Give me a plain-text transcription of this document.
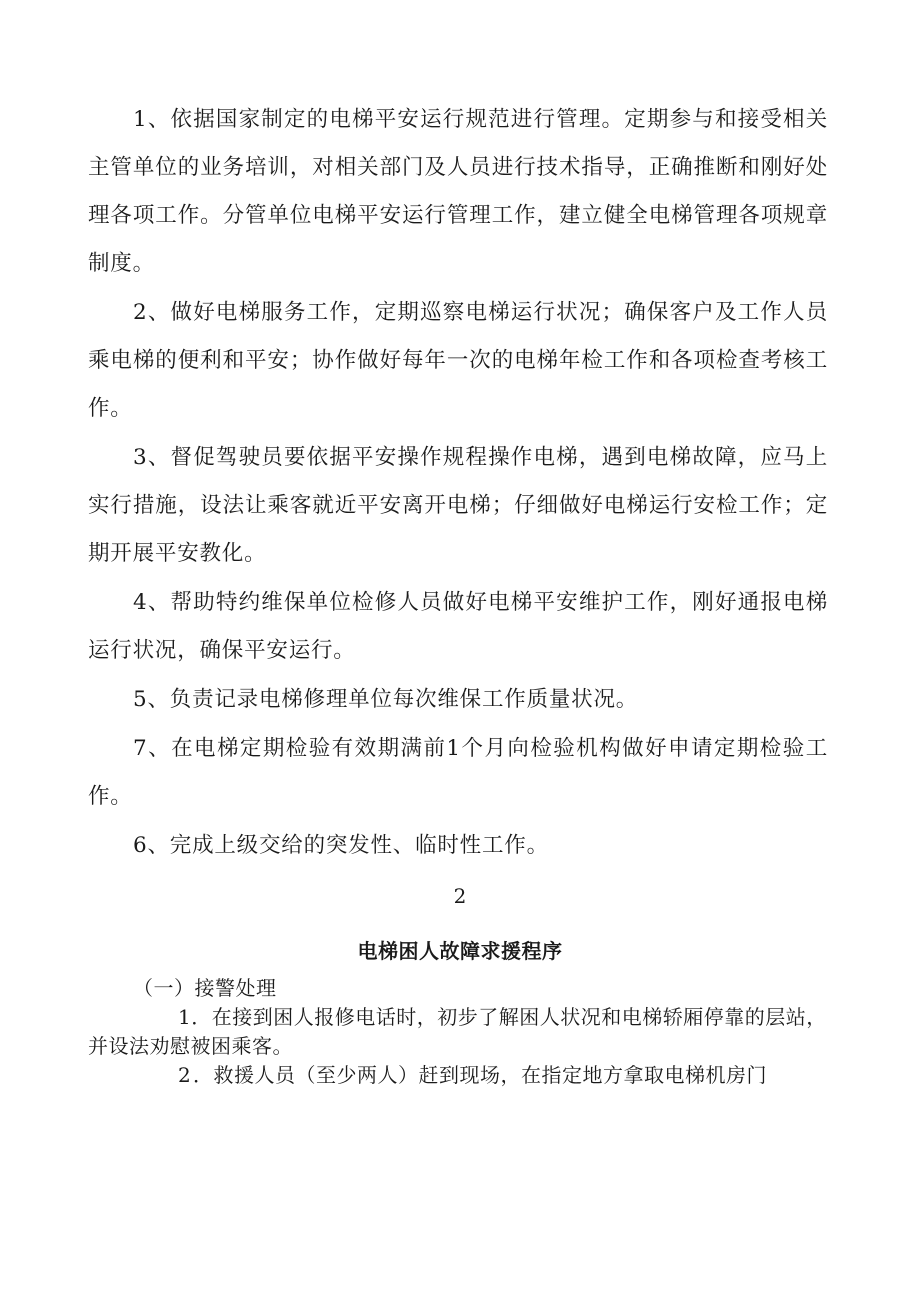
1、依据国家制定的电梯平安运行规范进行管理。定期参与和接受相关主管单位的业务培训，对相关部门及人员进行技术指导，正确推断和刚好处理各项工作。分管单位电梯平安运行管理工作，建立健全电梯管理各项规章制度。

2、做好电梯服务工作，定期巡察电梯运行状况；确保客户及工作人员乘电梯的便利和平安；协作做好每年一次的电梯年检工作和各项检查考核工作。

3、督促驾驶员要依据平安操作规程操作电梯，遇到电梯故障，应马上实行措施，设法让乘客就近平安离开电梯；仔细做好电梯运行安检工作；定期开展平安教化。

4、帮助特约维保单位检修人员做好电梯平安维护工作，刚好通报电梯运行状况，确保平安运行。

5、负责记录电梯修理单位每次维保工作质量状况。

7、在电梯定期检验有效期满前1个月向检验机构做好申请定期检验工作。

6、完成上级交给的突发性、临时性工作。

2
电梯困人故障求援程序

（一）接警处理

1．在接到困人报修电话时，初步了解困人状况和电梯轿厢停靠的层站，并设法劝慰被困乘客。

2．救援人员（至少两人）赶到现场，在指定地方拿取电梯机房门
